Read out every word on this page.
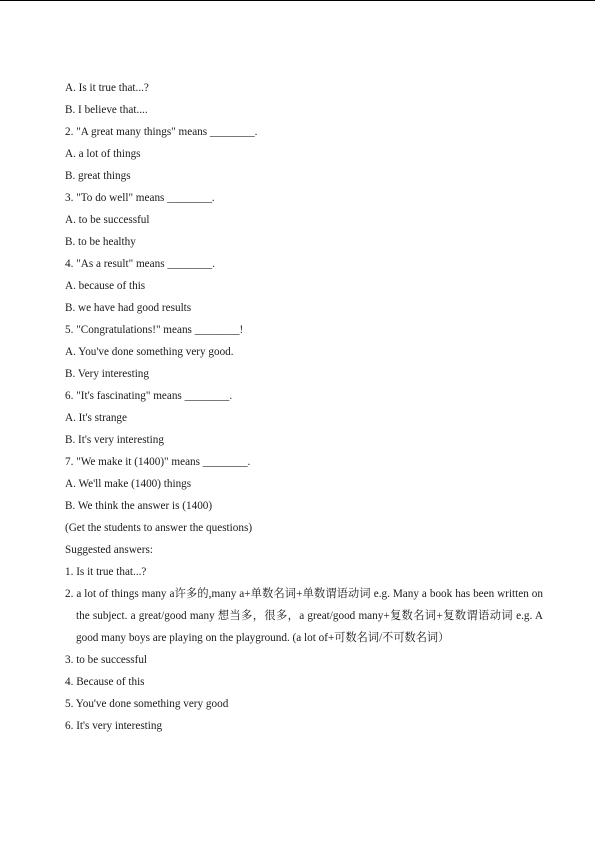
A. Is it true that...?
B. I believe that....
2. "A great many things" means ________.
A. a lot of things
B. great things
3. "To do well" means ________.
A. to be successful
B. to be healthy
4. "As a result" means ________.
A. because of this
B. we have had good results
5. "Congratulations!" means ________!
A. You've done something very good.
B. Very interesting
6. "It's fascinating" means ________.
A. It's strange
B. It's very interesting
7. "We make it (1400)" means ________.
A. We'll make (1400) things
B. We think the answer is (1400)
(Get the students to answer the questions)
Suggested answers:
1. Is it true that...?
2. a lot of things many a许多的,many a+单数名词+单数谓语动词 e.g. Many a book has been written on the subject. a great/good many 想当多，很多，a great/good many+复数名词+复数谓语动词 e.g. A good many boys are playing on the playground. (a lot of+可数名词/不可数名词）
3. to be successful
4. Because of this
5. You've done something very good
6. It's very interesting
